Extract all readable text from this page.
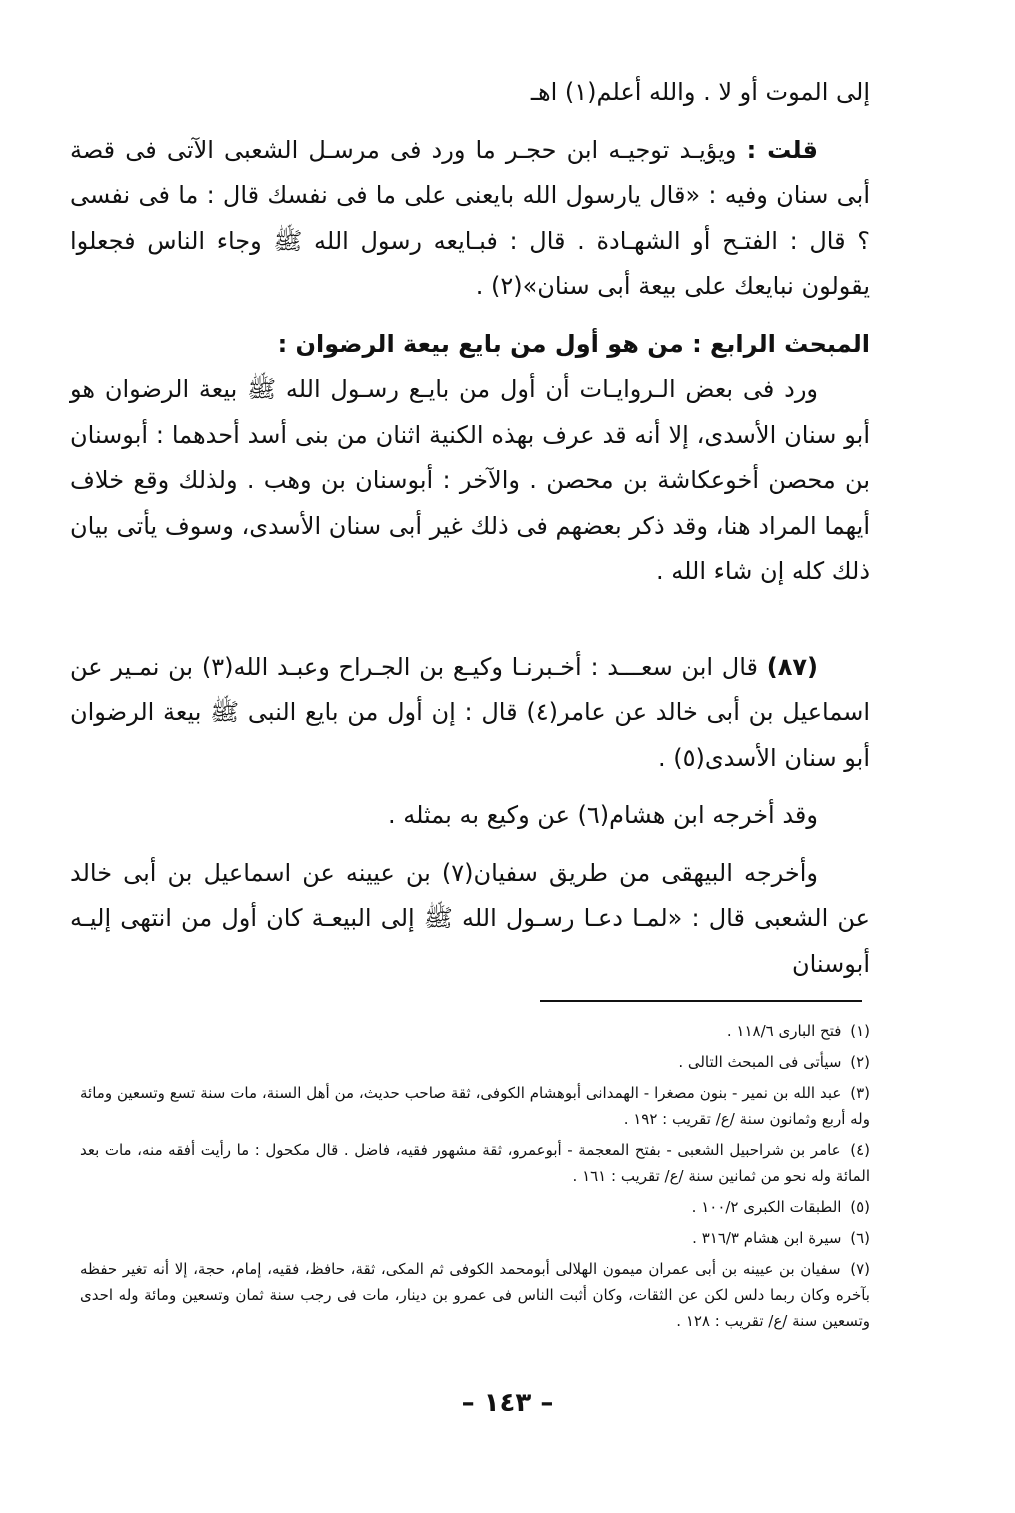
إلى الموت أو لا . والله أعلم(١) اهـ

قلت : ويؤيـد توجيـه ابن حجـر ما ورد فى مرسـل الشعبى الآتى فى قصة أبى سنان وفيه : «قال يارسول الله بايعنى على ما فى نفسك قال : ما فى نفسى ؟ قال : الفتـح أو الشهـادة . قال : فبـايعه رسول الله ﷺ وجاء الناس فجعلوا يقولون نبايعك على بيعة أبى سنان»(٢) .

المبحث الرابع : من هو أول من بايع بيعة الرضوان :

ورد فى بعض الـروايـات أن أول من بايـع رسـول الله ﷺ بيعة الرضوان هو أبو سنان الأسدى، إلا أنه قد عرف بهذه الكنية اثنان من بنى أسد أحدهما : أبوسنان بن محصن أخوعكاشة بن محصن . والآخر : أبوسنان بن وهب . ولذلك وقع خلاف أيهما المراد هنا، وقد ذكر بعضهم فى ذلك غير أبى سنان الأسدى، وسوف يأتى بيان ذلك كله إن شاء الله .

(٨٧) قال ابن سعـــد : أخـبرنـا وكيـع بن الجـراح وعبـد الله(٣) بن نمـير عن اسماعيل بن أبى خالد عن عامر(٤) قال : إن أول من بايع النبى ﷺ بيعة الرضوان أبو سنان الأسدى(٥) .

وقد أخرجه ابن هشام(٦) عن وكيع به بمثله .

وأخرجه البيهقى من طريق سفيان(٧) بن عيينه عن اسماعيل بن أبى خالد عن الشعبى قال : «لمـا دعـا رسـول الله ﷺ إلى البيعـة كان أول من انتهى إليـه أبوسنان

(١) فتح البارى ١١٨/٦ .

(٢) سيأتى فى المبحث التالى .

(٣) عبد الله بن نمير - بنون مصغرا - الهمدانى أبوهشام الكوفى، ثقة صاحب حديث، من أهل السنة، مات سنة تسع وتسعين ومائة وله أربع وثمانون سنة /ع/ تقريب : ١٩٢ .

(٤) عامر بن شراحبيل الشعبى - بفتح المعجمة - أبوعمرو، ثقة مشهور فقيه، فاضل . قال مكحول : ما رأيت أفقه منه، مات بعد المائة وله نحو من ثمانين سنة /ع/ تقريب : ١٦١ .

(٥) الطبقات الكبرى ١٠٠/٢ .

(٦) سيرة ابن هشام ٣١٦/٣ .

(٧) سفيان بن عيينه بن أبى عمران ميمون الهلالى أبومحمد الكوفى ثم المكى، ثقة، حافظ، فقيه، إمام، حجة، إلا أنه تغير حفظه بآخره وكان ربما دلس لكن عن الثقات، وكان أثبت الناس فى عمرو بن دينار، مات فى رجب سنة ثمان وتسعين ومائة وله احدى وتسعين سنة /ع/ تقريب : ١٢٨ .

– ١٤٣ –
